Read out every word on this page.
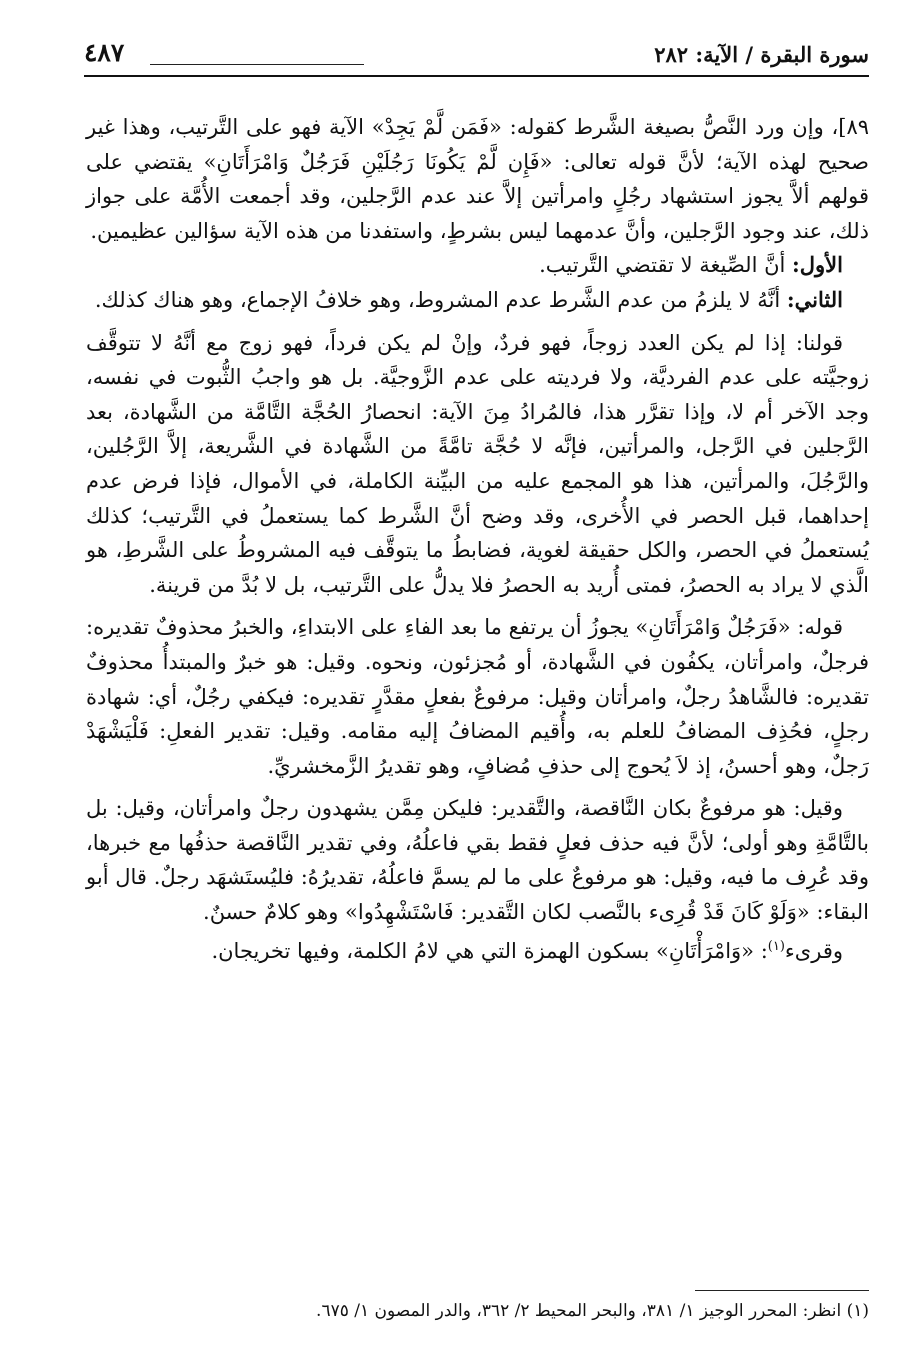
٤٨٧	سورة البقرة / الآية: ٢٨٢

٨٩]، وإن ورد النَّصُّ بصيغة الشَّرط كقوله: «فَمَن لَّمْ يَجِدْ» الآية فهو على التَّرتيب، وهذا غير صحيح لهذه الآية؛ لأنَّ قوله تعالى: «فَإِن لَّمْ يَكُونَا رَجُلَيْنِ فَرَجُلٌ وَامْرَأَتَانِ» يقتضي على قولهم ألاَّ يجوز استشهاد رجُلٍ وامرأتين إلاَّ عند عدم الرَّجلين، وقد أجمعت الأُمَّة على جواز ذلك، عند وجود الرَّجلين، وأنَّ عدمهما ليس بشرطٍ، واستفدنا من هذه الآية سؤالين عظيمين.

الأول: أنَّ الصِّيغة لا تقتضي التَّرتيب.

الثاني: أنَّهُ لا يلزمُ من عدم الشَّرط عدم المشروط، وهو خلافُ الإجماع، وهو هناك كذلك.

قولنا: إذا لم يكن العدد زوجاً، فهو فردٌ، وإنْ لم يكن فرداً، فهو زوج مع أنَّهُ لا تتوقَّف زوجيَّته على عدم الفرديَّة، ولا فرديته على عدم الزَّوجيَّة. بل هو واجبُ الثُّبوت في نفسه، وجد الآخر أم لا، وإذا تقرَّر هذا، فالمُرادُ مِنَ الآية: انحصارُ الحُجَّة التَّامَّة من الشَّهادة، بعد الرَّجلين في الرَّجل، والمرأتين، فإنَّه لا حُجَّة تامَّةً من الشَّهادة في الشَّريعة، إلاَّ الرَّجُلين، والرَّجُلَ، والمرأتين، هذا هو المجمع عليه من البيِّنة الكاملة، في الأموال، فإذا فرض عدم إحداهما، قبل الحصر في الأُخرى، وقد وضح أنَّ الشَّرط كما يستعملُ في التَّرتيب؛ كذلك يُستعملُ في الحصر، والكل حقيقة لغوية، فضابطُ ما يتوقَّف فيه المشروطُ على الشَّرطِ، هو الَّذي لا يراد به الحصرُ، فمتى أُريد به الحصرُ فلا يدلُّ على التَّرتيب، بل لا بُدَّ من قرينة.

قوله: «فَرَجُلٌ وَامْرَأَتَانِ» يجوزُ أن يرتفع ما بعد الفاءِ على الابتداءِ، والخبرُ محذوفٌ تقديره: فرجلٌ، وامرأتان، يكفُون في الشَّهادة، أو مُجزئون، ونحوه. وقيل: هو خبرٌ والمبتدأُ محذوفٌ تقديره: فالشَّاهدُ رجلٌ، وامرأتان وقيل: مرفوعٌ بفعلٍ مقدَّرٍ تقديره: فيكفي رجُلٌ، أي: شهادة رجلٍ، فحُذِف المضافُ للعلم به، وأُقيم المضافُ إليه مقامه. وقيل: تقدير الفعلِ: فَلْيَشْهَدْ رَجلٌ، وهو أحسنُ، إذ لاَ يُحوج إلى حذفِ مُضافٍ، وهو تقديرُ الزَّمخشريِّ.

وقيل: هو مرفوعٌ بكان النَّاقصة، والتَّقدير: فليكن مِمَّن يشهدون رجلٌ وامرأتان، وقيل: بل بالتَّامَّةِ وهو أولى؛ لأنَّ فيه حذف فعلٍ فقط بقي فاعلُهُ، وفي تقدير النَّاقصة حذفُها مع خبرها، وقد عُرِف ما فيه، وقيل: هو مرفوعٌ على ما لم يسمَّ فاعلُهُ، تقديرُهُ: فليُستَشهَد رجلٌ. قال أبو البقاء: «وَلَوْ كَانَ قَدْ قُرِىء بالنَّصب لكان التَّقدير: فَاسْتَشْهِدُوا» وهو كلامٌ حسنٌ.

وقرىء$^{(١)}$: «وَامْرَأْتَانِ» بسكون الهمزة التي هي لامُ الكلمة، وفيها تخريجان.

(١) انظر: المحرر الوجيز ١/ ٣٨١، والبحر المحيط ٢/ ٣٦٢، والدر المصون ١/ ٦٧٥.
